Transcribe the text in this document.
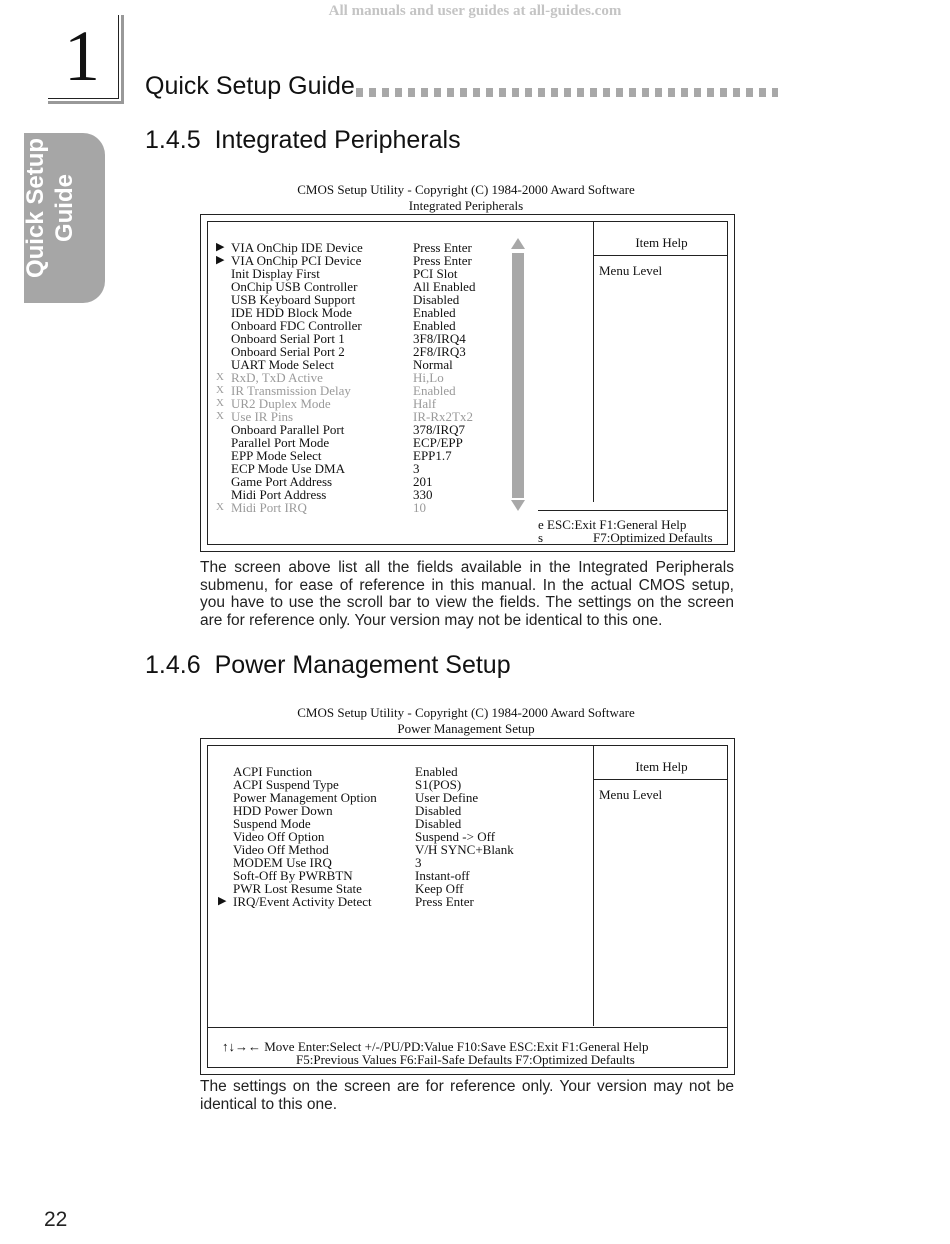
All manuals and user guides at all-guides.com
1
Quick Setup Guide
Quick Setup Guide
1.4.5 Integrated Peripherals
CMOS Setup Utility - Copyright (C) 1984-2000 Award Software
Integrated Peripherals
▶ VIA OnChip IDE Device	Press Enter
▶ VIA OnChip PCI Device	Press Enter
Init Display First	PCI Slot
OnChip USB Controller	All Enabled
USB Keyboard Support	Disabled
IDE HDD Block Mode	Enabled
Onboard FDC Controller	Enabled
Onboard Serial Port 1	3F8/IRQ4
Onboard Serial Port 2	2F8/IRQ3
UART Mode Select	Normal
X RxD, TxD Active	Hi,Lo
X IR Transmission Delay	Enabled
X UR2 Duplex Mode	Half
X Use IR Pins	IR-Rx2Tx2
Onboard Parallel Port	378/IRQ7
Parallel Port Mode	ECP/EPP
EPP Mode Select	EPP1.7
ECP Mode Use DMA	3
Game Port Address	201
Midi Port Address	330
X Midi Port IRQ	10
Item Help
Menu Level
e ESC:Exit F1:General Help
s	F7:Optimized Defaults
The screen above list all the fields available in the Integrated Peripherals submenu, for ease of reference in this manual. In the actual CMOS setup, you have to use the scroll bar to view the fields. The settings on the screen are for reference only. Your version may not be identical to this one.
1.4.6 Power Management Setup
CMOS Setup Utility - Copyright (C) 1984-2000 Award Software
Power Management Setup
ACPI Function	Enabled
ACPI Suspend Type	S1(POS)
Power Management Option	User Define
HDD Power Down	Disabled
Suspend Mode	Disabled
Video Off Option	Suspend -> Off
Video Off Method	V/H SYNC+Blank
MODEM Use IRQ	3
Soft-Off By PWRBTN	Instant-off
PWR Lost Resume State	Keep Off
▶ IRQ/Event Activity Detect	Press Enter
Item Help
Menu Level
↑↓→← Move Enter:Select +/-/PU/PD:Value F10:Save ESC:Exit F1:General Help
F5:Previous Values F6:Fail-Safe Defaults F7:Optimized Defaults
The settings on the screen are for reference only. Your version may not be identical to this one.
22
